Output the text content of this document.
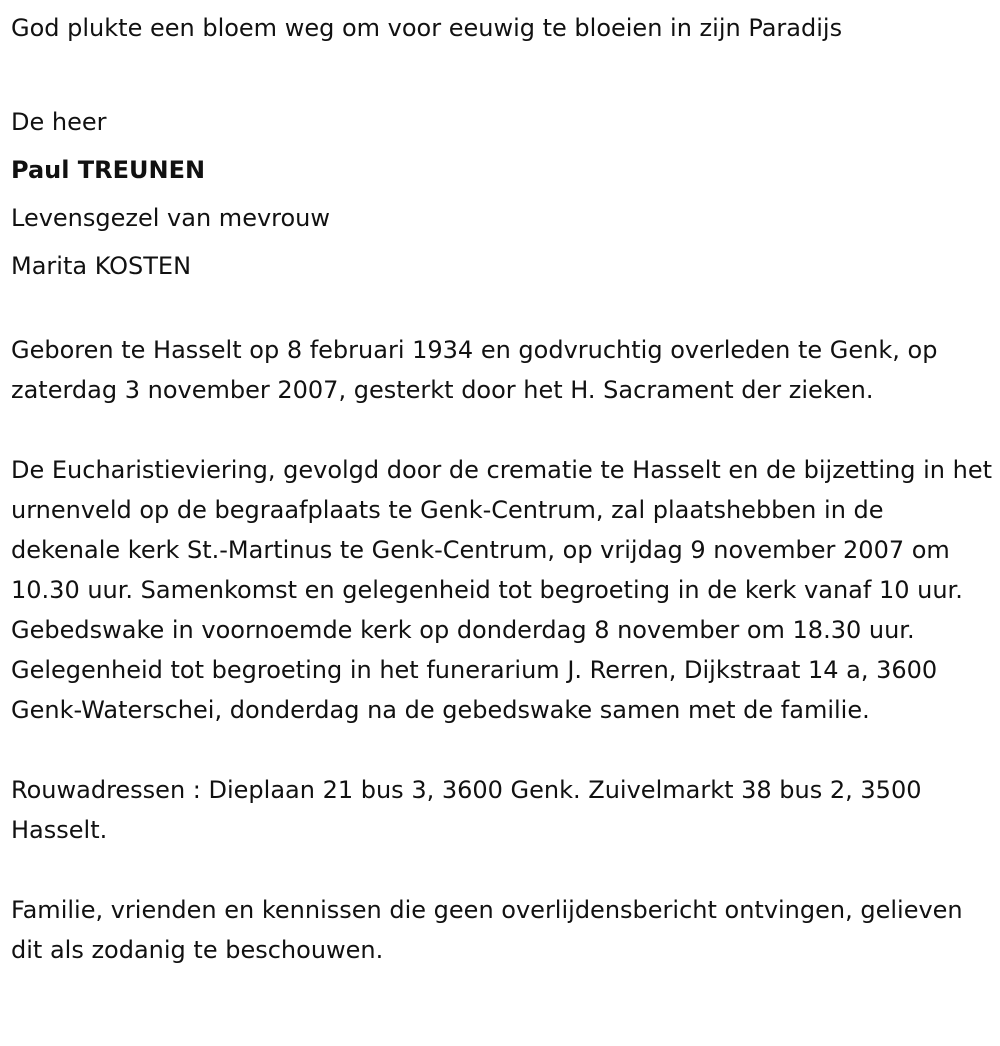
God plukte een bloem weg om voor eeuwig te bloeien in zijn Paradijs
De heer
Paul TREUNEN
Levensgezel van mevrouw
Marita KOSTEN
Geboren te Hasselt op 8 februari 1934 en godvruchtig overleden te Genk, op zaterdag 3 november 2007, gesterkt door het H. Sacrament der zieken.
De Eucharistieviering, gevolgd door de crematie te Hasselt en de bijzetting in het urnenveld op de begraafplaats te Genk-Centrum, zal plaatshebben in de dekenale kerk St.-Martinus te Genk-Centrum, op vrijdag 9 november 2007 om 10.30 uur. Samenkomst en gelegenheid tot begroeting in de kerk vanaf 10 uur. Gebedswake in voornoemde kerk op donderdag 8 november om 18.30 uur. Gelegenheid tot begroeting in het funerarium J. Rerren, Dijkstraat 14 a, 3600 Genk-Waterschei, donderdag na de gebedswake samen met de familie.
Rouwadressen : Dieplaan 21 bus 3, 3600 Genk. Zuivelmarkt 38 bus 2, 3500 Hasselt.
Familie, vrienden en kennissen die geen overlijdensbericht ontvingen, gelieven dit als zodanig te beschouwen.
